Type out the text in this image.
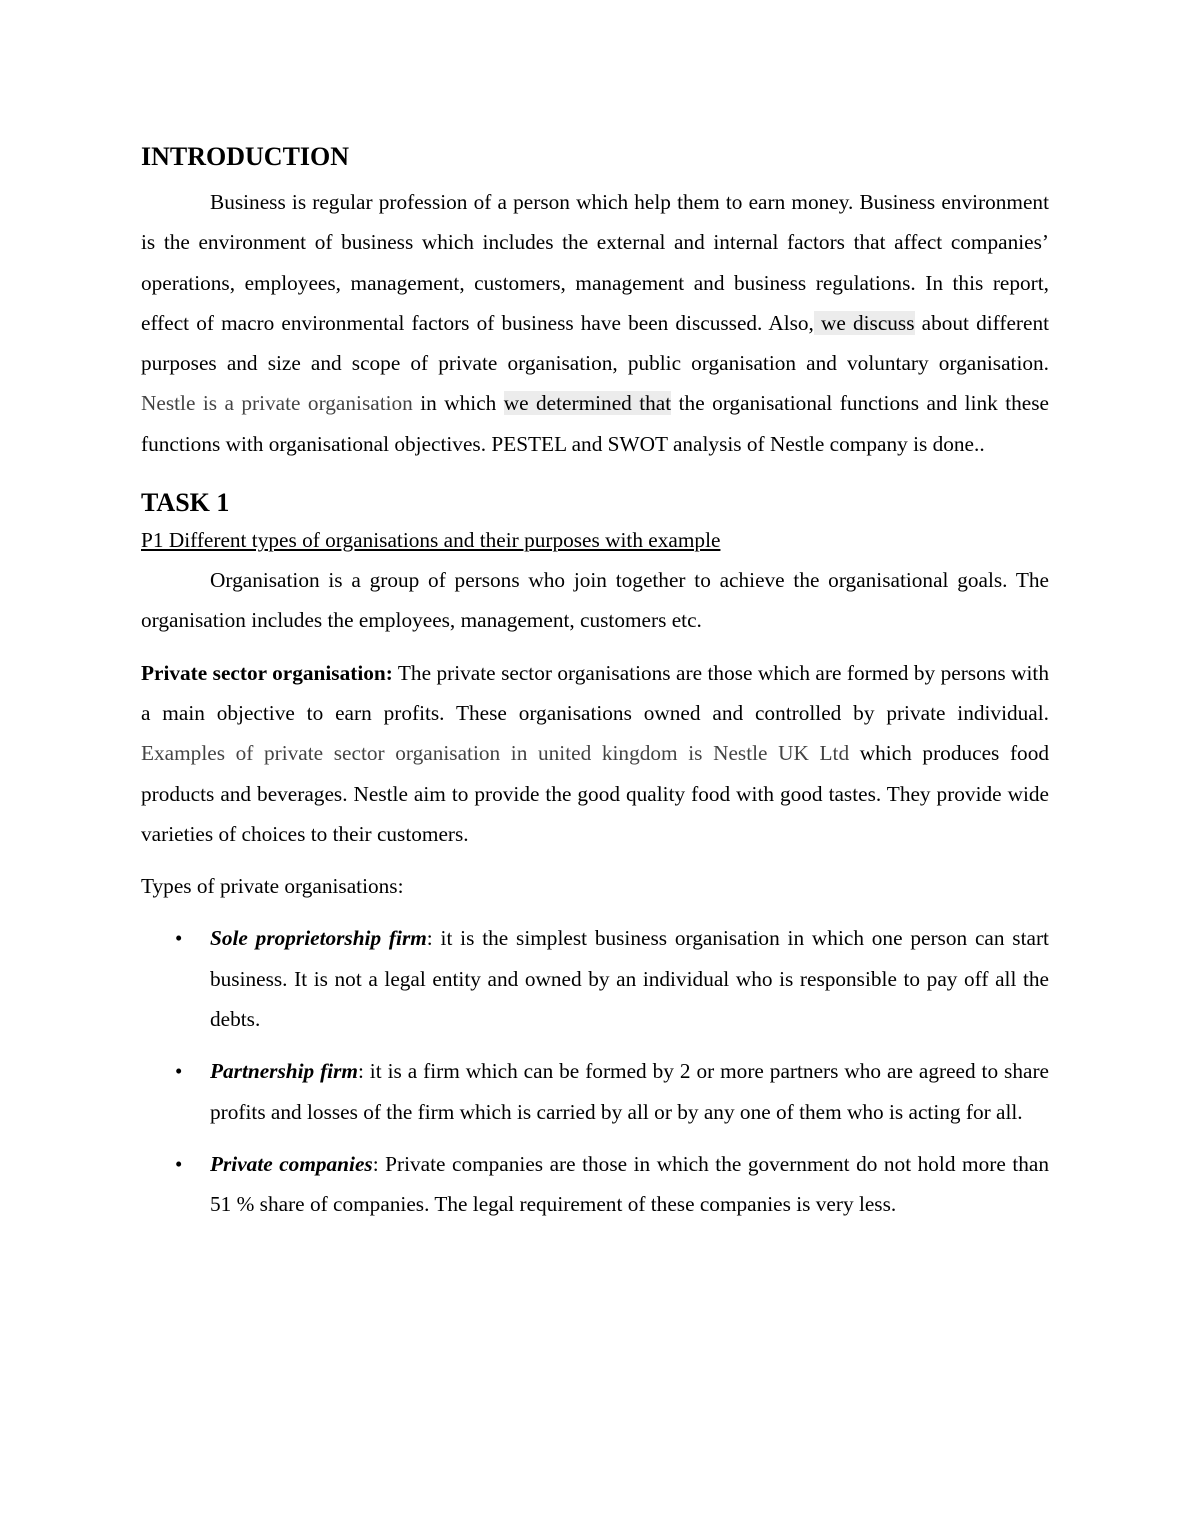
INTRODUCTION

Business is regular profession of a person which help them to earn money. Business environment is the environment of business which includes the external and internal factors that affect companies’ operations, employees, management, customers, management and business regulations. In this report, effect of macro environmental factors of business have been discussed. Also, we discuss about different purposes and size and scope of private organisation, public organisation and voluntary organisation. Nestle is a private organisation in which we determined that the organisational functions and link these functions with organisational objectives. PESTEL and SWOT analysis of Nestle company is done..

TASK 1

P1 Different types of organisations and their purposes with example

Organisation is a group of persons who join together to achieve the organisational goals. The organisation includes the employees, management, customers etc.

Private sector organisation: The private sector organisations are those which are formed by persons with a main objective to earn profits. These organisations owned and controlled by private individual. Examples of private sector organisation in united kingdom is Nestle UK Ltd which produces food products and beverages. Nestle aim to provide the good quality food with good tastes. They provide wide varieties of choices to their customers.

Types of private organisations:

• Sole proprietorship firm: it is the simplest business organisation in which one person can start business. It is not a legal entity and owned by an individual who is responsible to pay off all the debts.
• Partnership firm: it is a firm which can be formed by 2 or more partners who are agreed to share profits and losses of the firm which is carried by all or by any one of them who is acting for all.
• Private companies: Private companies are those in which the government do not hold more than 51 % share of companies. The legal requirement of these companies is very less.
